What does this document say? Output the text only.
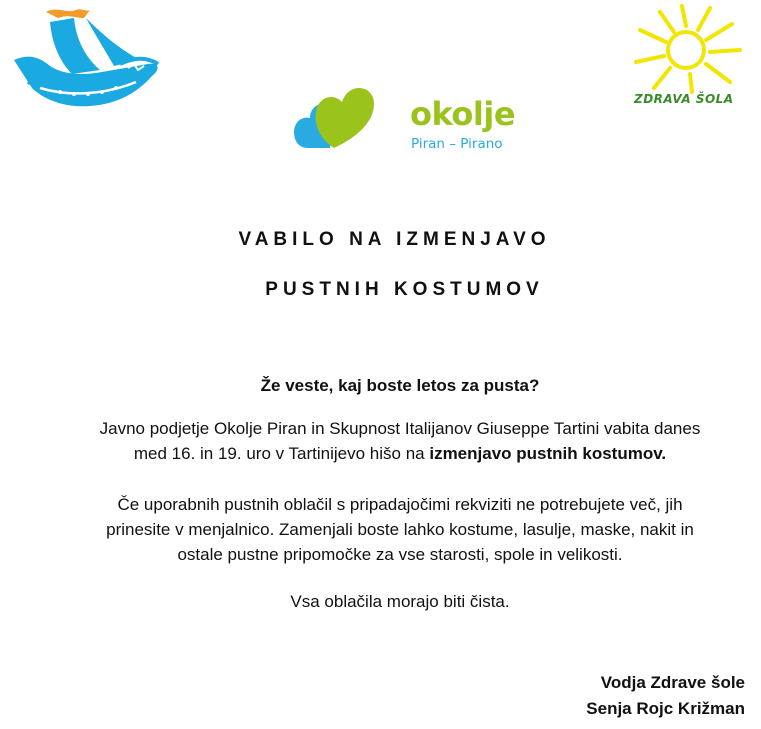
ZDRAVA ŠOLA
okolje
Piran – Pirano
VABILO NA IZMENJAVO
PUSTNIH KOSTUMOV
Že veste, kaj boste letos za pusta?
Javno podjetje Okolje Piran in Skupnost Italijanov Giuseppe Tartini vabita danes
med 16. in 19. uro v Tartinijevo hišo na izmenjavo pustnih kostumov.
Če uporabnih pustnih oblačil s pripadajočimi rekviziti ne potrebujete več, jih
prinesite v menjalnico. Zamenjali boste lahko kostume, lasulje, maske, nakit in
ostale pustne pripomočke za vse starosti, spole in velikosti.
Vsa oblačila morajo biti čista.
Vodja Zdrave šole
Senja Rojc Križman
